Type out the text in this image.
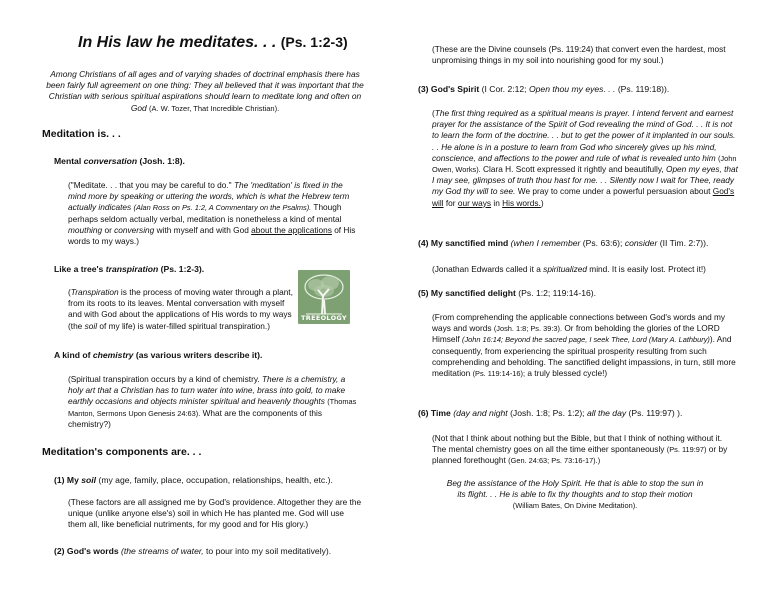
In His law he meditates. . . (Ps. 1:2-3)
Among Christians of all ages and of varying shades of doctrinal emphasis there has been fairly full agreement on one thing: They all believed that it was important that the Christian with serious spiritual aspirations should learn to meditate long and often on God (A. W. Tozer, That Incredible Christian).
Meditation is. . .
Mental conversation (Josh. 1:8).
("Meditate. . . that you may be careful to do." The 'meditation' is fixed in the mind more by speaking or uttering the words, which is what the Hebrew term actually indicates (Alan Ross on Ps. 1:2, A Commentary on the Psalms). Though perhaps seldom actually verbal, meditation is nonetheless a kind of mental mouthing or conversing with myself and with God about the applications of His words to my ways.)
Like a tree's transpiration (Ps. 1:2-3).
(Transpiration is the process of moving water through a plant, from its roots to its leaves. Mental conversation with myself and with God about the applications of His words to my ways (the soil of my life) is water-filled spiritual transpiration.)
TREEOLOGY
A kind of chemistry (as various writers describe it).
(Spiritual transpiration occurs by a kind of chemistry. There is a chemistry, a holy art that a Christian has to turn water into wine, brass into gold, to make earthly occasions and objects minister spiritual and heavenly thoughts (Thomas Manton, Sermons Upon Genesis 24:63). What are the components of this chemistry?)
Meditation's components are. . .
(1) My soil (my age, family, place, occupation, relationships, health, etc.).
(These factors are all assigned me by God's providence. Altogether they are the unique (unlike anyone else's) soil in which He has planted me. God will use them all, like beneficial nutriments, for my good and for His glory.)
(2) God's words (the streams of water, to pour into my soil meditatively).
(These are the Divine counsels (Ps. 119:24) that convert even the hardest, most unpromising things in my soil into nourishing good for my soul.)
(3) God's Spirit (I Cor. 2:12; Open thou my eyes. . . (Ps. 119:18)).
(The first thing required as a spiritual means is prayer. I intend fervent and earnest prayer for the assistance of the Spirit of God revealing the mind of God. . . It is not to learn the form of the doctrine. . . but to get the power of it implanted in our souls. . . He alone is in a posture to learn from God who sincerely gives up his mind, conscience, and affections to the power and rule of what is revealed unto him (John Owen, Works). Clara H. Scott expressed it rightly and beautifully, Open my eyes, that I may see, glimpses of truth thou hast for me. . . Silently now I wait for Thee, ready my God thy will to see. We pray to come under a powerful persuasion about God's will for our ways in His words.)
(4) My sanctified mind (when I remember (Ps. 63:6); consider (II Tim. 2:7)).
(Jonathan Edwards called it a spiritualized mind. It is easily lost. Protect it!)
(5) My sanctified delight (Ps. 1:2; 119:14-16).
(From comprehending the applicable connections between God's words and my ways and words (Josh. 1:8; Ps. 39:3). Or from beholding the glories of the LORD Himself (John 16:14; Beyond the sacred page, I seek Thee, Lord (Mary A. Lathbury)). And consequently, from experiencing the spiritual prosperity resulting from such comprehending and beholding. The sanctified delight impassions, in turn, still more meditation (Ps. 119:14-16); a truly blessed cycle!)
(6) Time (day and night (Josh. 1:8; Ps. 1:2); all the day (Ps. 119:97) ).
(Not that I think about nothing but the Bible, but that I think of nothing without it. The mental chemistry goes on all the time either spontaneously (Ps. 119:97) or by planned forethought (Gen. 24:63; Ps. 73:16-17).)
Beg the assistance of the Holy Spirit. He that is able to stop the sun in its flight. . . He is able to fix thy thoughts and to stop their motion (William Bates, On Divine Meditation).
